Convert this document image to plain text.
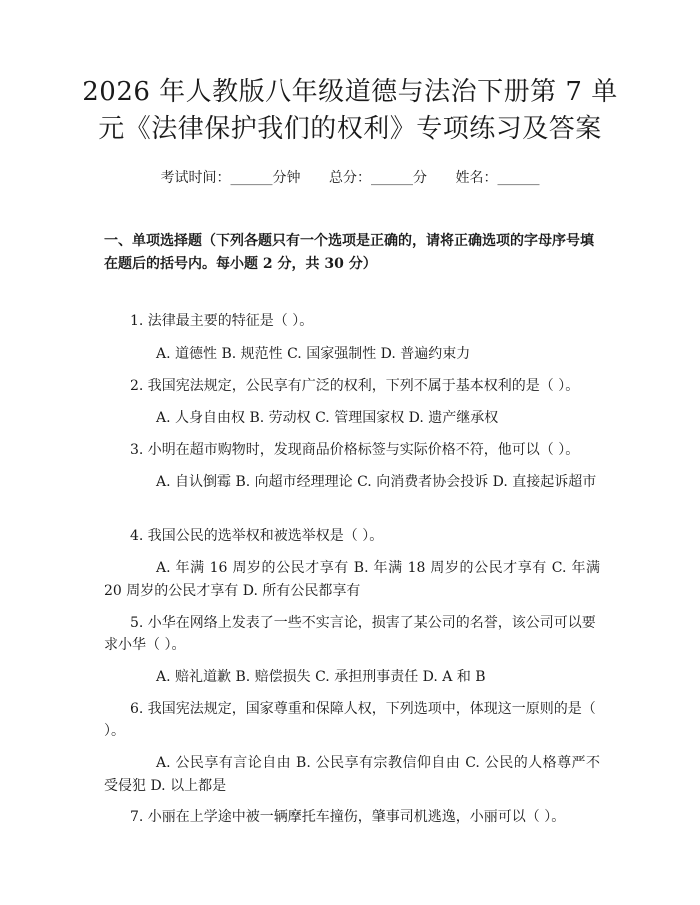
2026 年人教版八年级道德与法治下册第 7 单
元《法律保护我们的权利》专项练习及答案
考试时间：______分钟 总分：______分 姓名：______
一、单项选择题（下列各题只有一个选项是正确的，请将正确选项的字母序号填在题后的括号内。每小题 2 分，共 30 分）
1. 法律最主要的特征是（ ）。
A. 道德性 B. 规范性 C. 国家强制性 D. 普遍约束力
2. 我国宪法规定，公民享有广泛的权利，下列不属于基本权利的是（ ）。
A. 人身自由权 B. 劳动权 C. 管理国家权 D. 遗产继承权
3. 小明在超市购物时，发现商品价格标签与实际价格不符，他可以（ ）。
A. 自认倒霉 B. 向超市经理理论 C. 向消费者协会投诉 D. 直接起诉超市
4. 我国公民的选举权和被选举权是（ ）。
A. 年满 16 周岁的公民才享有 B. 年满 18 周岁的公民才享有 C. 年满 20 周岁的公民才享有 D. 所有公民都享有
5. 小华在网络上发表了一些不实言论，损害了某公司的名誉，该公司可以要求小华（ ）。
A. 赔礼道歉 B. 赔偿损失 C. 承担刑事责任 D. A 和 B
6. 我国宪法规定，国家尊重和保障人权，下列选项中，体现这一原则的是（ ）。
A. 公民享有言论自由 B. 公民享有宗教信仰自由 C. 公民的人格尊严不受侵犯 D. 以上都是
7. 小丽在上学途中被一辆摩托车撞伤，肇事司机逃逸，小丽可以（ ）。
